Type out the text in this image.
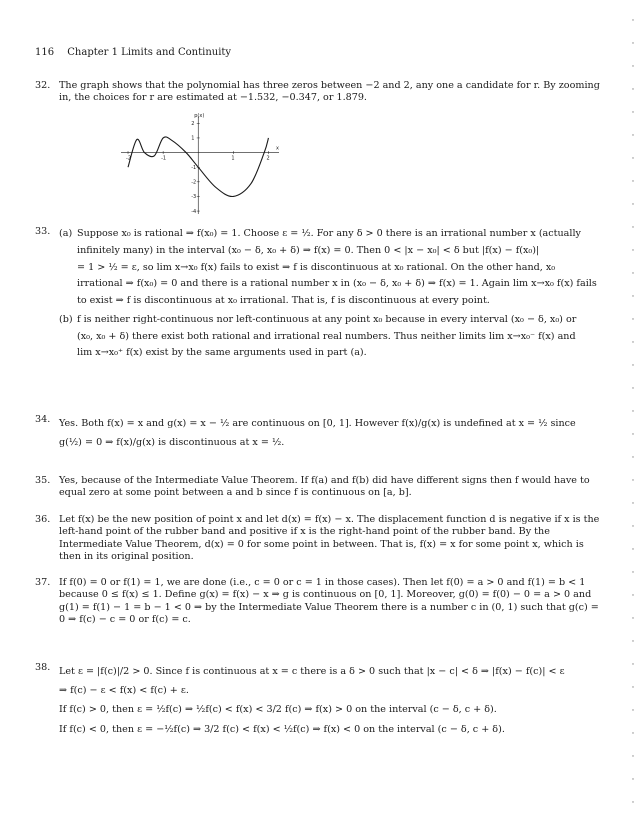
116 Chapter 1 Limits and Continuity
32. The graph shows that the polynomial has three zeros between −2 and 2, any one a candidate for r. By zooming in, the choices for r are estimated at −1.532, −0.347, or 1.879.

p(x)
x
-2	-1	1	2
2
1
-1
-2
-3
-4
33. (a) Suppose x₀ is rational ⇒ f(x₀) = 1. Choose ε = ½. For any δ > 0 there is an irrational number x (actually
infinitely many) in the interval (x₀ − δ, x₀ + δ) ⇒ f(x) = 0. Then 0 < |x − x₀| < δ but |f(x) − f(x₀)|
= 1 > ½ = ε, so lim x→x₀ f(x) fails to exist ⇒ f is discontinuous at x₀ rational. On the other hand, x₀
irrational ⇒ f(x₀) = 0 and there is a rational number x in (x₀ − δ, x₀ + δ) ⇒ f(x) = 1. Again lim x→x₀ f(x) fails
to exist ⇒ f is discontinuous at x₀ irrational. That is, f is discontinuous at every point.
(b) f is neither right-continuous nor left-continuous at any point x₀ because in every interval (x₀ − δ, x₀) or
(x₀, x₀ + δ) there exist both rational and irrational real numbers. Thus neither limits lim x→x₀⁻ f(x) and
lim x→x₀⁺ f(x) exist by the same arguments used in part (a).
34. Yes. Both f(x) = x and g(x) = x − ½ are continuous on [0, 1]. However f(x)/g(x) is undefined at x = ½ since
g(½) = 0 ⇒ f(x)/g(x) is discontinuous at x = ½.
35. Yes, because of the Intermediate Value Theorem. If f(a) and f(b) did have different signs then f would have to equal zero at some point between a and b since f is continuous on [a, b].

36. Let f(x) be the new position of point x and let d(x) = f(x) − x. The displacement function d is negative if x is the left-hand point of the rubber band and positive if x is the right-hand point of the rubber band. By the Intermediate Value Theorem, d(x) = 0 for some point in between. That is, f(x) = x for some point x, which is then in its original position.

37. If f(0) = 0 or f(1) = 1, we are done (i.e., c = 0 or c = 1 in those cases). Then let f(0) = a > 0 and f(1) = b < 1 because 0 ≤ f(x) ≤ 1. Define g(x) = f(x) − x ⇒ g is continuous on [0, 1]. Moreover, g(0) = f(0) − 0 = a > 0 and g(1) = f(1) − 1 = b − 1 < 0 ⇒ by the Intermediate Value Theorem there is a number c in (0, 1) such that g(c) = 0 ⇒ f(c) − c = 0 or f(c) = c.

38. Let ε = |f(c)|/2 > 0. Since f is continuous at x = c there is a δ > 0 such that |x − c| < δ ⇒ |f(x) − f(c)| < ε
⇒ f(c) − ε < f(x) < f(c) + ε.
If f(c) > 0, then ε = ½f(c) ⇒ ½f(c) < f(x) < 3/2 f(c) ⇒ f(x) > 0 on the interval (c − δ, c + δ).
If f(c) < 0, then ε = −½f(c) ⇒ 3/2 f(c) < f(x) < ½f(c) ⇒ f(x) < 0 on the interval (c − δ, c + δ).
